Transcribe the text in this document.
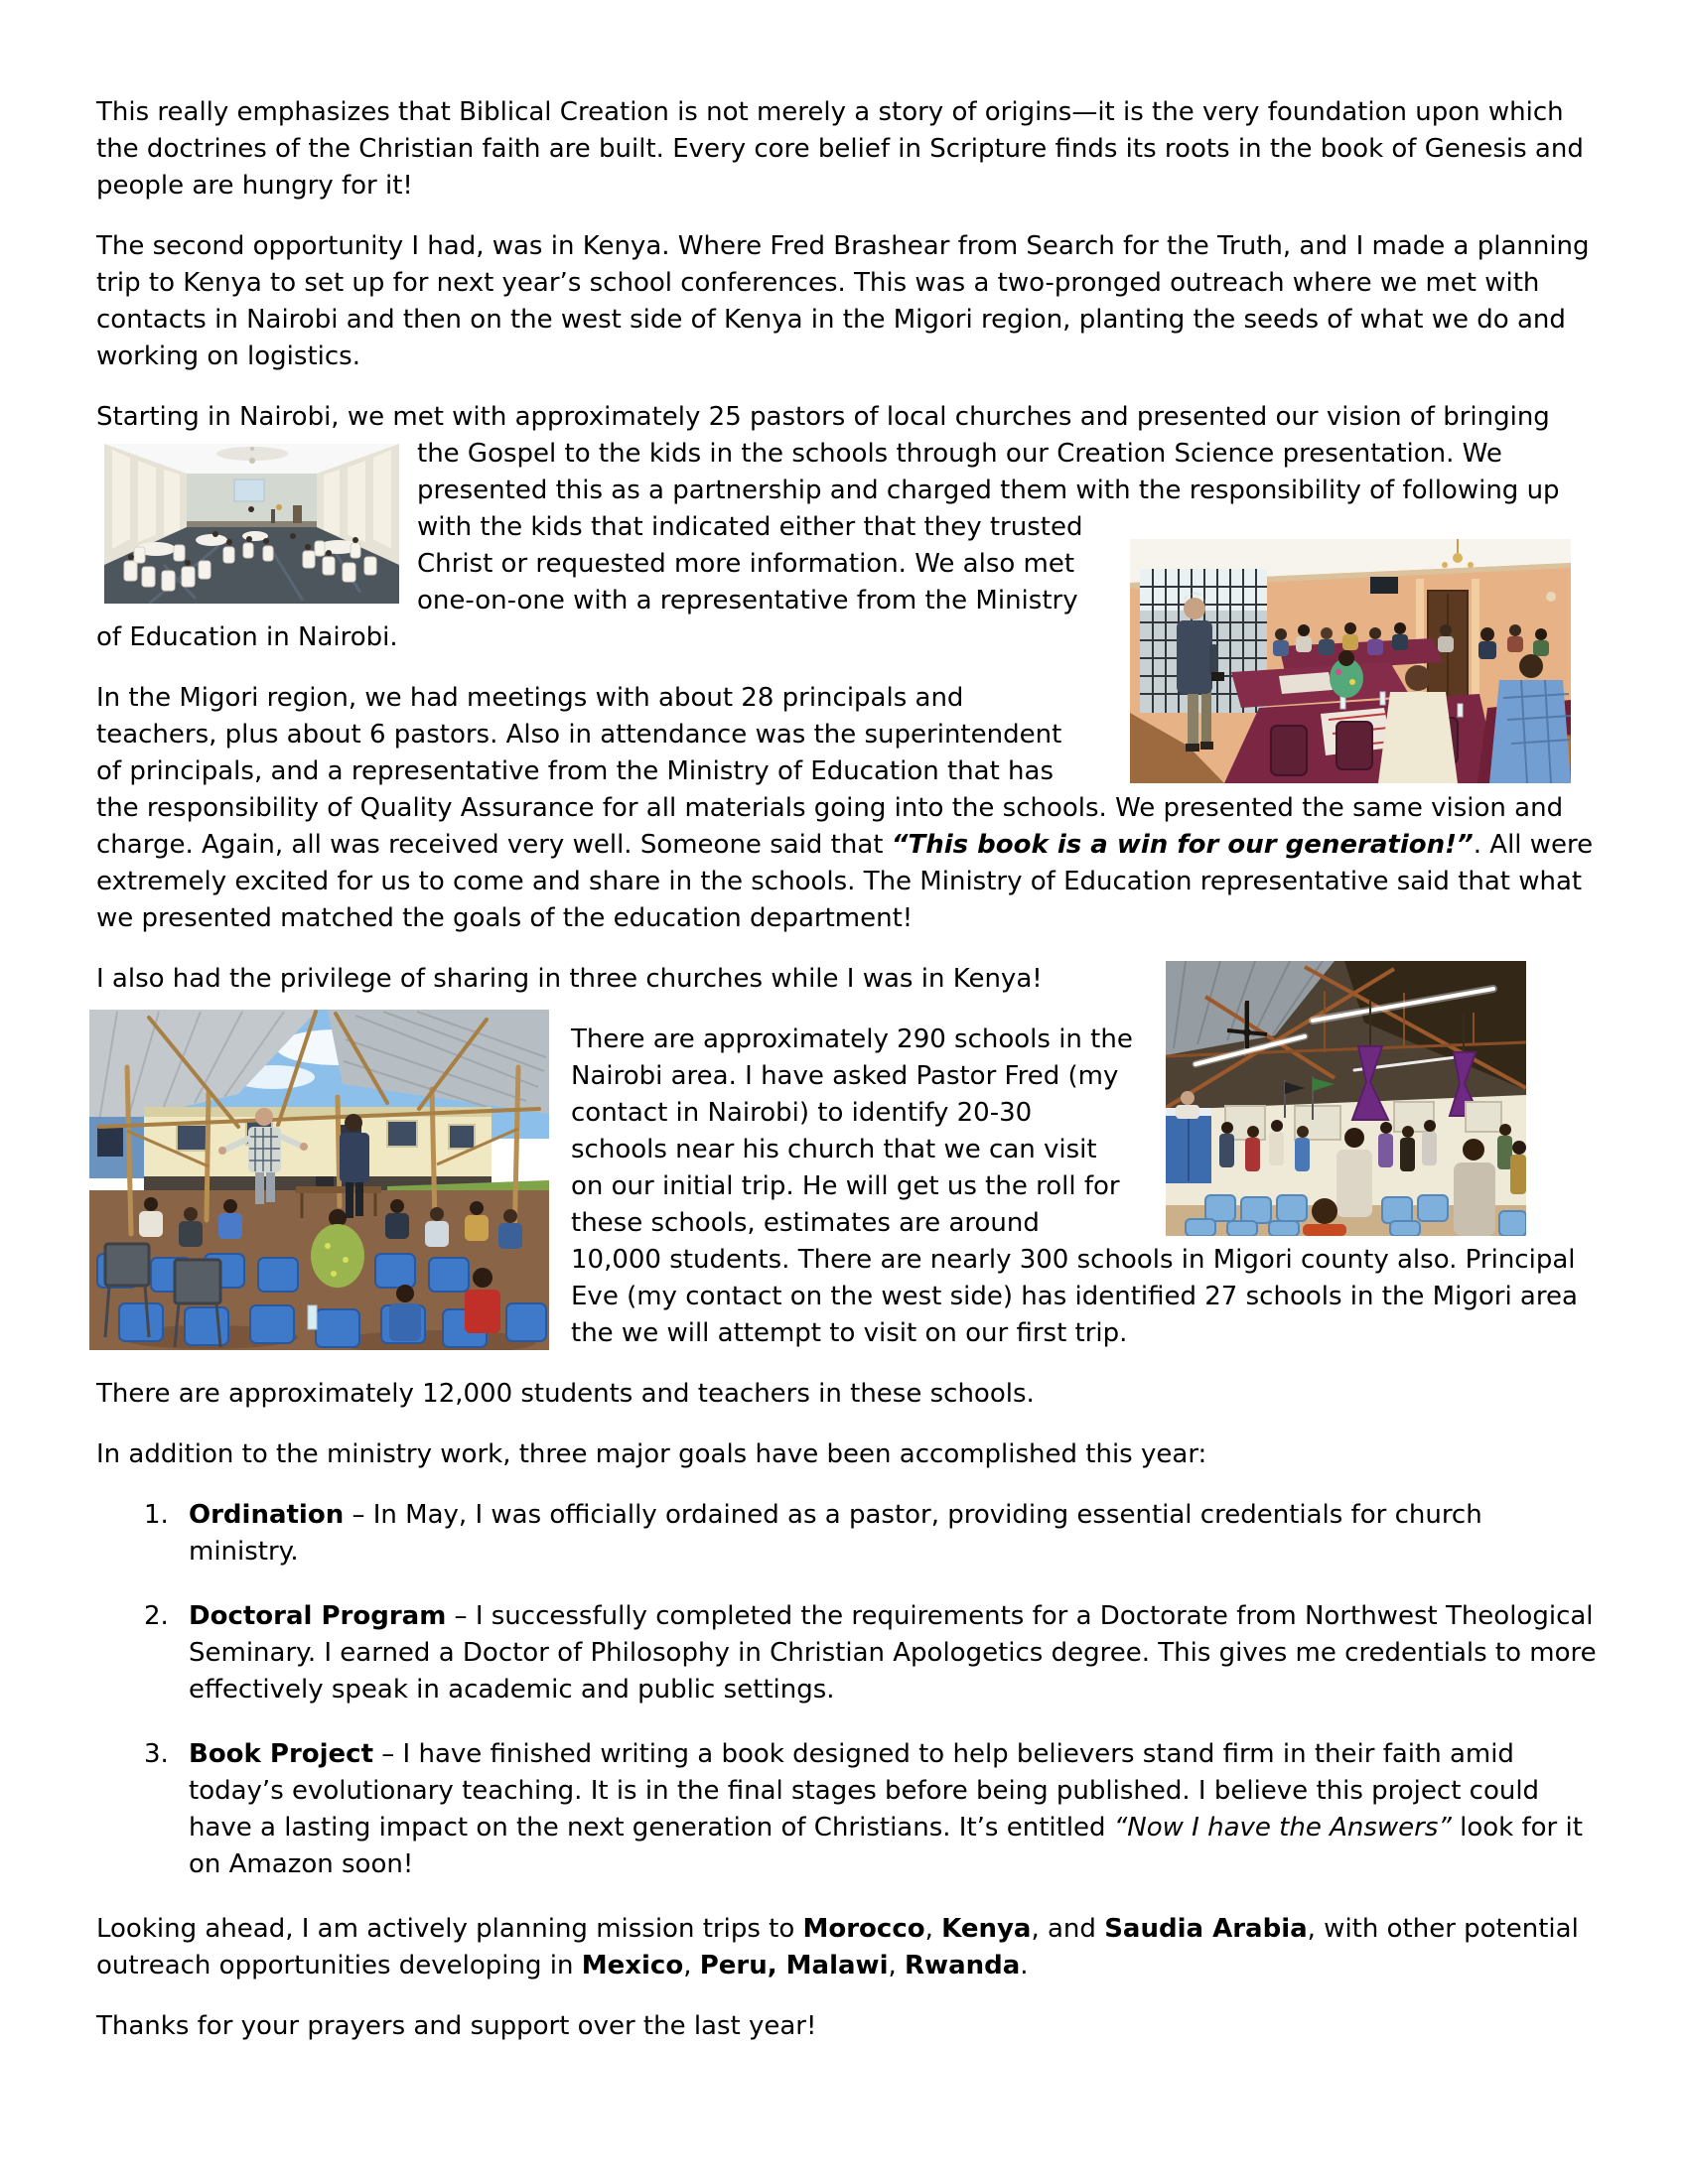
This really emphasizes that Biblical Creation is not merely a story of origins—it is the very foundation upon which the doctrines of the Christian faith are built. Every core belief in Scripture finds its roots in the book of Genesis and people are hungry for it!

The second opportunity I had, was in Kenya. Where Fred Brashear from Search for the Truth, and I made a planning trip to Kenya to set up for next year’s school conferences. This was a two-pronged outreach where we met with contacts in Nairobi and then on the west side of Kenya in the Migori region, planting the seeds of what we do and working on logistics.

Starting in Nairobi, we met with approximately 25 pastors of local churches and presented our vision of
bringing the Gospel to the kids in the schools through our Creation Science presentation. We presented this as a partnership and charged them with the responsibility of following up with the kids that indicated either that they trusted
Christ or requested more information. We also met one-on-one with a representative from the Ministry of Education in Nairobi.

In the Migori region, we had meetings with about 28 principals and teachers, plus about 6 pastors. Also in attendance was the superintendent of principals, and a representative from the Ministry of Education that has the responsibility of Quality Assurance for all materials going into the schools. We presented the same vision and charge. Again, all was received very well. Someone said that “This book is a win for our generation!”. All were extremely excited for us to come and share in the schools. The Ministry of Education representative said that what we presented matched the goals of the education department!

I also had the privilege of sharing in three churches while I was in Kenya!

There are approximately 290 schools in the Nairobi area. I have asked Pastor Fred (my contact in Nairobi) to identify 20-30 schools near his church that we can visit on our initial trip. He will get us the roll for these schools, estimates are around 10,000 students. There are nearly 300 schools in Migori county also. Principal Eve (my contact on the west side) has identified 27 schools in the Migori area the we will attempt to visit on our first trip.

There are approximately 12,000 students and teachers in these schools.

In addition to the ministry work, three major goals have been accomplished this year:

1. Ordination – In May, I was officially ordained as a pastor, providing essential credentials for church ministry.
2. Doctoral Program – I successfully completed the requirements for a Doctorate from Northwest Theological Seminary. I earned a Doctor of Philosophy in Christian Apologetics degree. This gives me credentials to more effectively speak in academic and public settings.
3. Book Project – I have finished writing a book designed to help believers stand firm in their faith amid today’s evolutionary teaching. It is in the final stages before being published. I believe this project could have a lasting impact on the next generation of Christians. It’s entitled “Now I have the Answers” look for it on Amazon soon!

Looking ahead, I am actively planning mission trips to Morocco, Kenya, and Saudia Arabia, with other potential outreach opportunities developing in Mexico, Peru, Malawi, Rwanda.

Thanks for your prayers and support over the last year!
